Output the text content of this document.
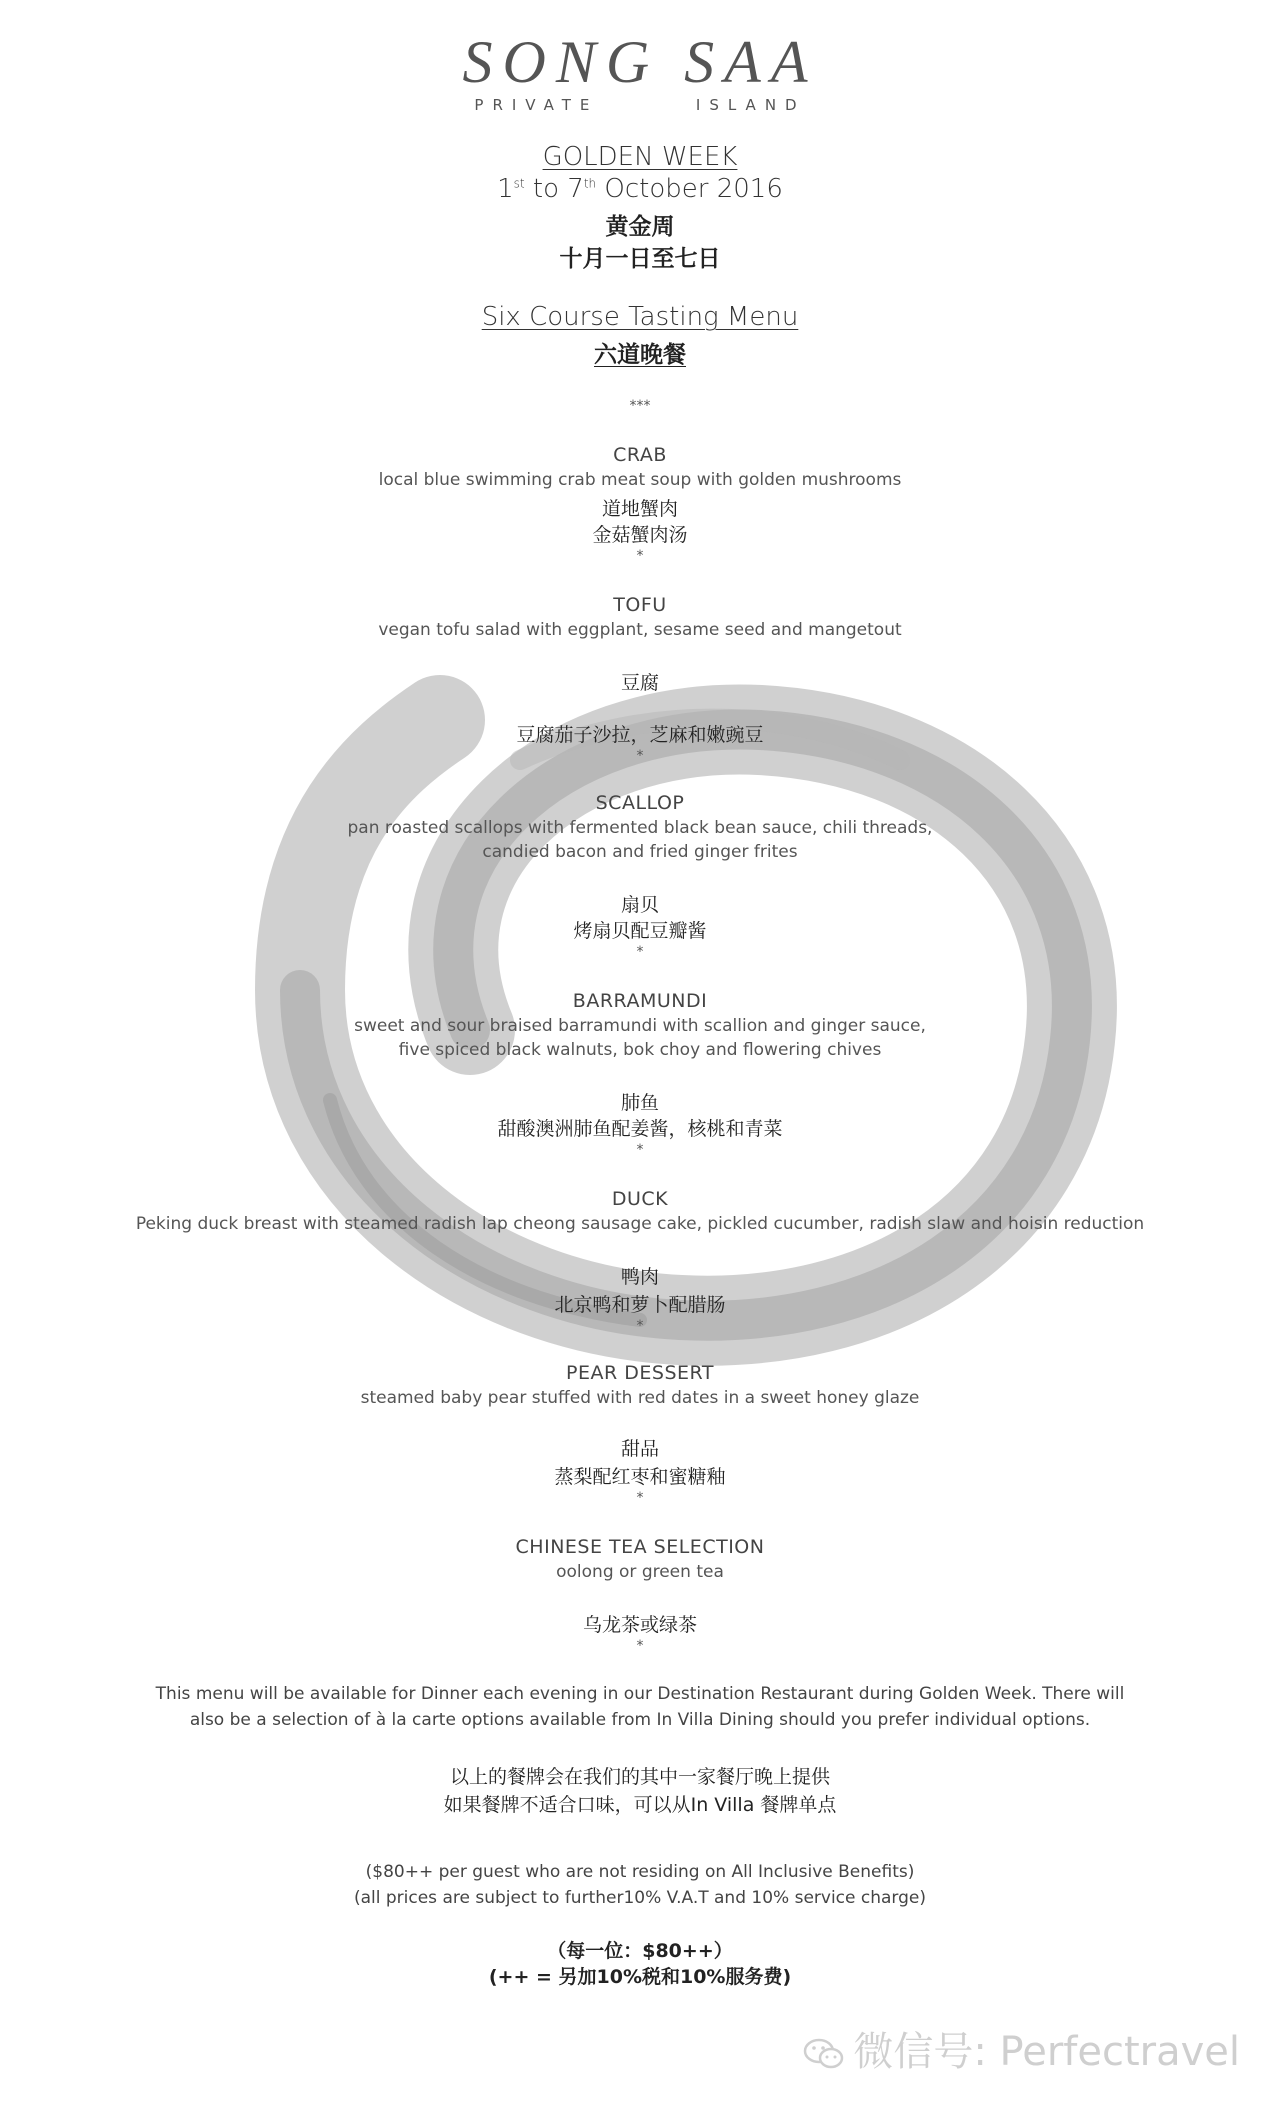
SONG SAA
PRIVATE	ISLAND
GOLDEN WEEK
1st to 7th October 2016
黄金周
十月一日至七日
Six Course Tasting Menu
六道晚餐
***
CRAB
local blue swimming crab meat soup with golden mushrooms
道地蟹肉
金菇蟹肉汤
*
TOFU
vegan tofu salad with eggplant, sesame seed and mangetout
豆腐
豆腐茄子沙拉，芝麻和嫩豌豆
*
SCALLOP
pan roasted scallops with fermented black bean sauce, chili threads,
candied bacon and fried ginger frites
扇贝
烤扇贝配豆瓣酱
*
BARRAMUNDI
sweet and sour braised barramundi with scallion and ginger sauce,
five spiced black walnuts, bok choy and flowering chives
肺鱼
甜酸澳洲肺鱼配姜酱，核桃和青菜
*
DUCK
Peking duck breast with steamed radish lap cheong sausage cake, pickled cucumber, radish slaw and hoisin reduction
鸭肉
北京鸭和萝卜配腊肠
*
PEAR DESSERT
steamed baby pear stuffed with red dates in a sweet honey glaze
甜品
蒸梨配红枣和蜜糖釉
*
CHINESE TEA SELECTION
oolong or green tea
乌龙茶或绿茶
*
This menu will be available for Dinner each evening in our Destination Restaurant during Golden Week. There will
also be a selection of à la carte options available from In Villa Dining should you prefer individual options.
以上的餐牌会在我们的其中一家餐厅晚上提供
如果餐牌不适合口味，可以从In Villa 餐牌单点
($80++ per guest who are not residing on All Inclusive Benefits)
(all prices are subject to further10% V.A.T and 10% service charge)
（每一位：$80++）
(++ = 另加10%税和10%服务费)
微信号: Perfectravel
